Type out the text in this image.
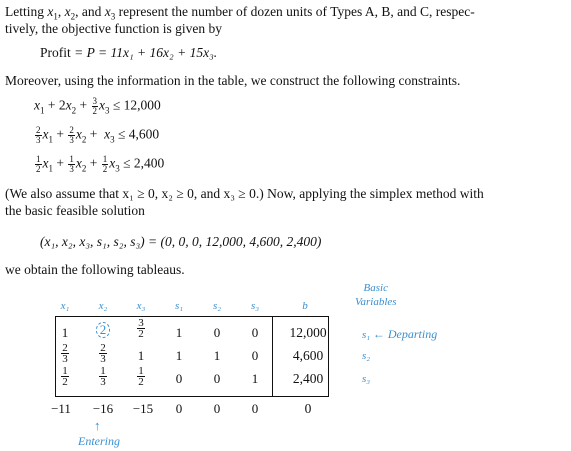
Letting $x_1$, $x_2$, and $x_3$ represent the number of dozen units of Types A, B, and C, respec-
tively, the objective function is given by
Profit = P = 11x₁ + 16x₂ + 15x₃.
Moreover, using the information in the table, we construct the following constraints.
$x_1 + 2x_2 + \frac{3}{2} x_3 \le 12,000$
$\frac{2}{3} x_1 + \frac{2}{3} x_2 + x_3 \le 4,600$
$\frac{1}{2} x_1 + \frac{1}{3} x_2 + \frac{1}{2} x_3 \le 2,400$
(We also assume that x₁ ≥ 0, x₂ ≥ 0, and x₃ ≥ 0.) Now, applying the simplex method with
the basic feasible solution
(x₁, x₂, x₃, s₁, s₂, s₃) = (0, 0, 0, 12,000, 4,600, 2,400)
we obtain the following tableaus.
Basic
Variables
x₁	x₂	x₃	s₁	s₂	s₃	b
1	2	$\frac{3}{2}$	1	0	0	12,000
$\frac{2}{3}$	$\frac{2}{3}$	1	1	1	0	4,600
$\frac{1}{2}$	$\frac{1}{3}$	$\frac{1}{2}$	0	0	1	2,400
−11	−16	−15	0	0	0	0
s₁ ← Departing
s₂
s₃
↑
Entering
